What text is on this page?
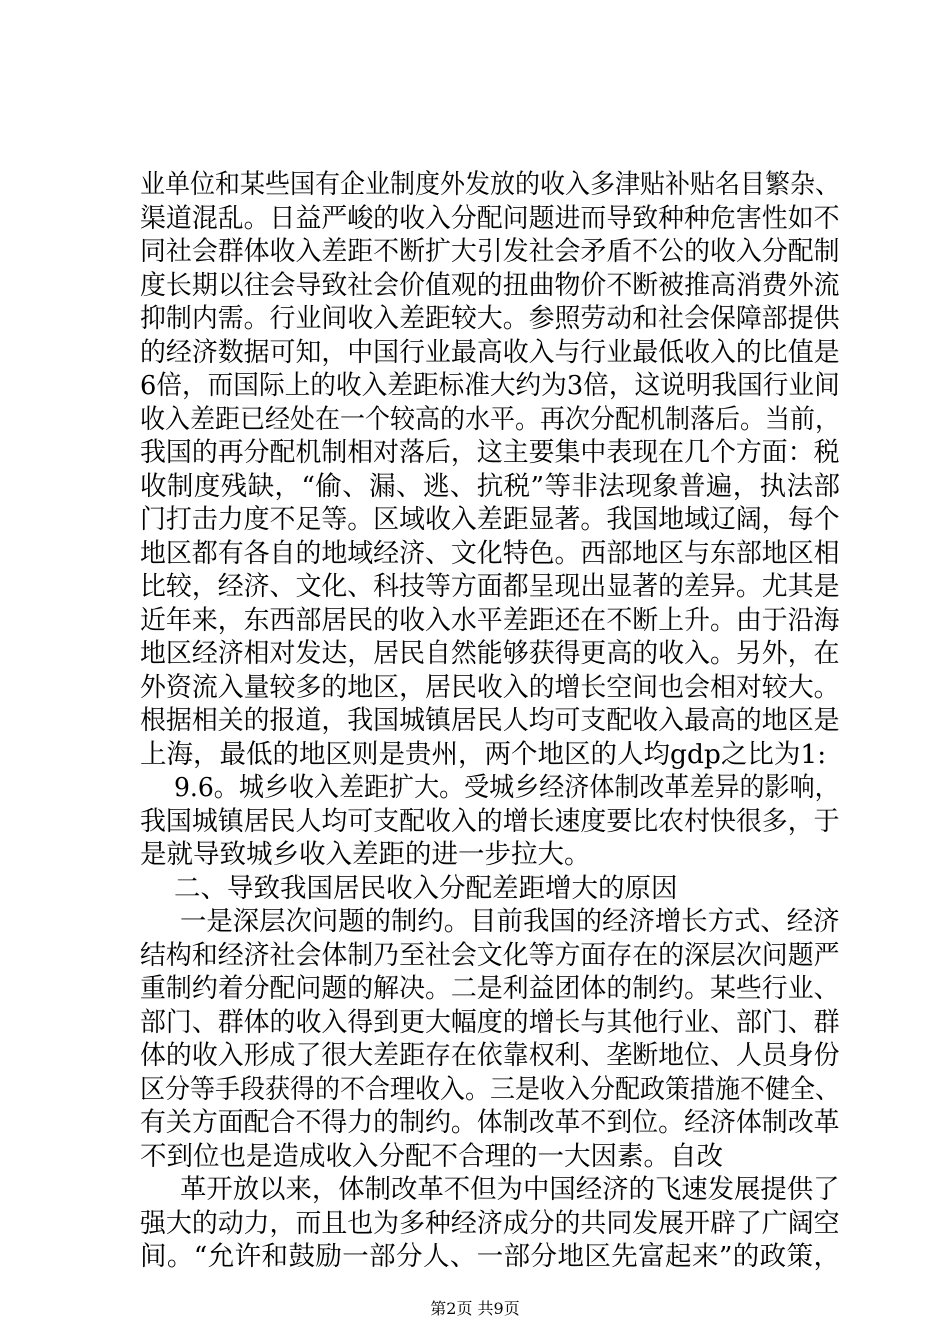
业单位和某些国有企业制度外发放的收入多津贴补贴名目繁杂、
渠道混乱。日益严峻的收入分配问题进而导致种种危害性如不
同社会群体收入差距不断扩大引发社会矛盾不公的收入分配制
度长期以往会导致社会价值观的扭曲物价不断被推高消费外流
抑制内需。行业间收入差距较大。参照劳动和社会保障部提供
的经济数据可知，中国行业最高收入与行业最低收入的比值是
6倍，而国际上的收入差距标准大约为3倍，这说明我国行业间
收入差距已经处在一个较高的水平。再次分配机制落后。当前，
我国的再分配机制相对落后，这主要集中表现在几个方面：税
收制度残缺，“偷、漏、逃、抗税”等非法现象普遍，执法部
门打击力度不足等。区域收入差距显著。我国地域辽阔，每个
地区都有各自的地域经济、文化特色。西部地区与东部地区相
比较，经济、文化、科技等方面都呈现出显著的差异。尤其是
近年来，东西部居民的收入水平差距还在不断上升。由于沿海
地区经济相对发达，居民自然能够获得更高的收入。另外，在
外资流入量较多的地区，居民收入的增长空间也会相对较大。
根据相关的报道，我国城镇居民人均可支配收入最高的地区是
上海，最低的地区则是贵州，两个地区的人均gdp之比为1:
9.6。城乡收入差距扩大。受城乡经济体制改革差异的影响，
我国城镇居民人均可支配收入的增长速度要比农村快很多，于
是就导致城乡收入差距的进一步拉大。
二、导致我国居民收入分配差距增大的原因
一是深层次问题的制约。目前我国的经济增长方式、经济
结构和经济社会体制乃至社会文化等方面存在的深层次问题严
重制约着分配问题的解决。二是利益团体的制约。某些行业、
部门、群体的收入得到更大幅度的增长与其他行业、部门、群
体的收入形成了很大差距存在依靠权利、垄断地位、人员身份
区分等手段获得的不合理收入。三是收入分配政策措施不健全、
有关方面配合不得力的制约。体制改革不到位。经济体制改革
不到位也是造成收入分配不合理的一大因素。自改
革开放以来，体制改革不但为中国经济的飞速发展提供了
强大的动力，而且也为多种经济成分的共同发展开辟了广阔空
间。“允许和鼓励一部分人、一部分地区先富起来”的政策，
第2页 共9页
